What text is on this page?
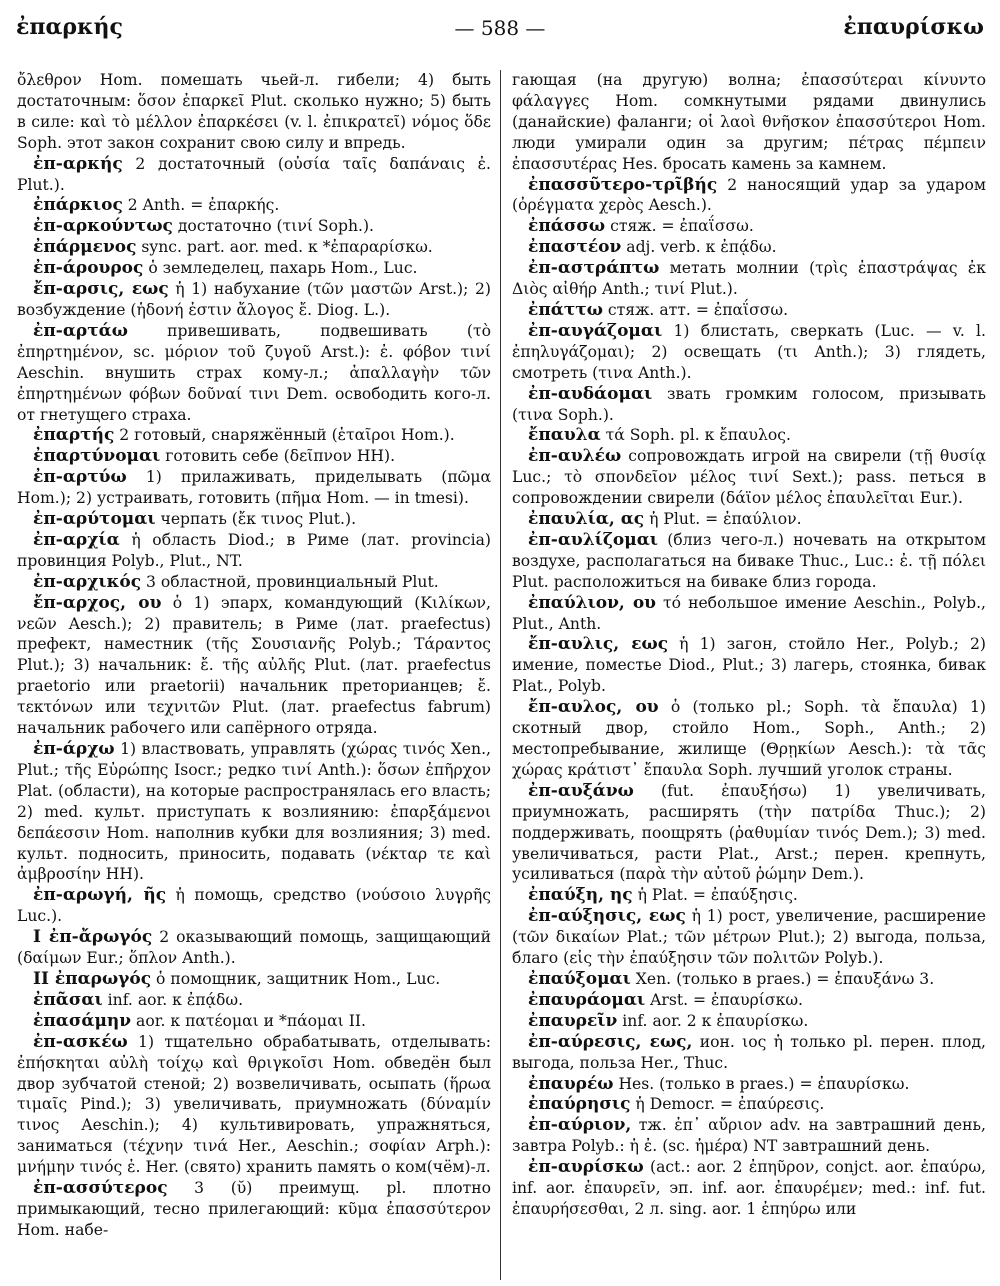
ἐπαρκής	— 588 —	ἐπαυρίσκω

ὄλεθρον Hom. помешать чьей-л. гибели; 4) быть достаточным: ὅσον ἐπαρκεῖ Plut. сколько нужно; 5) быть в силе: καὶ τὸ μέλλον ἐπαρκέσει (v. l. ἐπικρατεῖ) νόμος ὅδε Soph. этот закон сохранит свою силу и впредь.

ἐπ-αρκής 2 достаточный (οὐσία ταῖς δαπάναις ἐ. Plut.).

ἐπάρκιος 2 Anth. = ἐπαρκής.

ἐπ-αρκούντως достаточно (τινί Soph.).

ἐπάρμενος sync. part. aor. med. к *ἐπαραρίσκω.

ἐπ-άρουρος ὁ земледелец, пахарь Hom., Luc.

ἔπ-αρσις, εως ἡ 1) набухание (τῶν μαστῶν Arst.); 2) возбуждение (ἡδονή ἐστιν ἄλογος ἔ. Diog. L.).

ἐπ-αρτάω привешивать, подвешивать (τὸ ἐπηρτημένον, sc. μόριον τοῦ ζυγοῦ Arst.): ἐ. φόβον τινί Aeschin. внушить страх кому-л.; ἀπαλλαγὴν τῶν ἐπηρτημένων φόβων δοῦναί τινι Dem. освободить кого-л. от гнетущего страха.

ἐπαρτής 2 готовый, снаряжённый (ἑταῖροι Hom.).

ἐπαρτύνομαι готовить себе (δεῖπνον HH).

ἐπ-αρτύω 1) прилаживать, приделывать (πῶμα Hom.); 2) устраивать, готовить (πῆμα Hom. — in tmesi).

ἐπ-αρύτομαι черпать (ἔκ τινος Plut.).

ἐπ-αρχία ἡ область Diod.; в Риме (лат. provincia) провинция Polyb., Plut., NT.

ἐπ-αρχικός 3 областной, провинциальный Plut.

ἔπ-αρχος, ου ὁ 1) эпарх, командующий (Κιλίκων, νεῶν Aesch.); 2) правитель; в Риме (лат. praefectus) префект, наместник (τῆς Σουσιανῆς Polyb.; Τάραντος Plut.); 3) начальник: ἔ. τῆς αὐλῆς Plut. (лат. praefectus praetorio или praetorii) начальник преторианцев; ἔ. τεκτόνων или τεχνιτῶν Plut. (лат. praefectus fabrum) начальник рабочего или сапёрного отряда.

ἐπ-άρχω 1) властвовать, управлять (χώρας τινός Xen., Plut.; τῆς Εὐρώπης Isocr.; редко τινί Anth.): ὅσων ἐπῆρχον Plat. (области), на которые распространялась его власть; 2) med. культ. приступать к возлиянию: ἐπαρξάμενοι δεπάεσσιν Hom. наполнив кубки для возлияния; 3) med. культ. подносить, приносить, подавать (νέκταρ τε καὶ ἀμβροσίην HH).

ἐπ-αρωγή, ῆς ἡ помощь, средство (νούσοιο λυγρῆς Luc.).

I ἐπ-ἄρωγός 2 оказывающий помощь, защищающий (δαίμων Eur.; ὅπλον Anth.).

II ἐπαρωγός ὁ помощник, защитник Hom., Luc.

ἐπᾶσαι inf. aor. к ἐπᾴδω.

ἐπασάμην aor. к πατέομαι и *πάομαι II.

ἐπ-ασκέω 1) тщательно обрабатывать, отделывать: ἐπήσκηται αὐλὴ τοίχῳ καὶ θριγκοῖσι Hom. обведён был двор зубчатой стеной; 2) возвеличивать, осыпать (ἥρωα τιμαῖς Pind.); 3) увеличивать, приумножать (δύναμίν τινος Aeschin.); 4) культивировать, упражняться, заниматься (τέχνην τινά Her., Aeschin.; σοφίαν Arph.): μνήμην τινός ἐ. Her. (свято) хранить память о ком(чём)-л.

ἐπ-ασσύτερος 3 (ῠ) преимущ. pl. плотно примыкающий, тесно прилегающий: κῦμα ἐπασσύτερον Hom. набе-

гающая (на другую) волна; ἐπασσύτεραι κίνυντο φάλαγγες Hom. сомкнутыми рядами двинулись (данайские) фаланги; οἱ λαοὶ θνῆσκον ἐπασσύτεροι Hom. люди умирали один за другим; πέτρας πέμπειν ἐπασσυτέρας Hes. бросать камень за камнем.

ἐπασσῦτερο-τρῖβής 2 наносящий удар за ударом (ὀρέγματα χερὸς Aesch.).

ἐπάσσω стяж. = ἐπαΐσσω.

ἐπαστέον adj. verb. к ἐπᾴδω.

ἐπ-αστράπτω метать молнии (τρὶς ἐπαστράψας ἐκ Διὸς αἰθήρ Anth.; τινί Plut.).

ἐπάττω стяж. атт. = ἐπαΐσσω.

ἐπ-αυγάζομαι 1) блистать, сверкать (Luc. — v. l. ἐπηλυγάζομαι); 2) освещать (τι Anth.); 3) глядеть, смотреть (τινα Anth.).

ἐπ-αυδάομαι звать громким голосом, призывать (τινα Soph.).

ἔπαυλα τά Soph. pl. к ἔπαυλος.

ἐπ-αυλέω сопровождать игрой на свирели (τῇ θυσίᾳ Luc.; τὸ σπονδεῖον μέλος τινί Sext.); pass. петься в сопровождении свирели (δάϊον μέλος ἐπαυλεῖται Eur.).

ἐπαυλία, ας ἡ Plut. = ἐπαύλιον.

ἐπ-αυλίζομαι (близ чего-л.) ночевать на открытом воздухе, располагаться на биваке Thuc., Luc.: ἐ. τῇ πόλει Plut. расположиться на биваке близ города.

ἐπαύλιον, ου τό небольшое имение Aeschin., Polyb., Plut., Anth.

ἔπ-αυλις, εως ἡ 1) загон, стойло Her., Polyb.; 2) имение, поместье Diod., Plut.; 3) лагерь, стоянка, бивак Plat., Polyb.

ἔπ-αυλος, ου ὁ (только pl.; Soph. τὰ ἔπαυλα) 1) скотный двор, стойло Hom., Soph., Anth.; 2) местопребывание, жилище (Θρῃκίων Aesch.): τὰ τᾶς χώρας κράτιστ᾽ ἔπαυλα Soph. лучший уголок страны.

ἐπ-αυξάνω (fut. ἐπαυξήσω) 1) увеличивать, приумножать, расширять (τὴν πατρίδα Thuc.); 2) поддерживать, поощрять (ῥαθυμίαν τινός Dem.); 3) med. увеличиваться, расти Plat., Arst.; перен. крепнуть, усиливаться (παρὰ τὴν αὐτοῦ ῥώμην Dem.).

ἐπαύξη, ης ἡ Plat. = ἐπαύξησις.

ἐπ-αύξησις, εως ἡ 1) рост, увеличение, расширение (τῶν δικαίων Plat.; τῶν μέτρων Plut.); 2) выгода, польза, благо (εἰς τὴν ἐπαύξησιν τῶν πολιτῶν Polyb.).

ἐπαύξομαι Xen. (только в praes.) = ἐπαυξάνω 3.

ἐπαυράομαι Arst. = ἐπαυρίσκω.

ἐπαυρεῖν inf. aor. 2 к ἐπαυρίσκω.

ἐπ-αύρεσις, εως, ион. ιος ἡ только pl. перен. плод, выгода, польза Her., Thuc.

ἐπαυρέω Hes. (только в praes.) = ἐπαυρίσκω.

ἐπαύρησις ἡ Democr. = ἐπαύρεσις.

ἐπ-αύριον, тж. ἐπ᾽ αὔριον adv. на завтрашний день, завтра Polyb.: ἡ ἐ. (sc. ἡμέρα) NT завтрашний день.

ἐπ-αυρίσκω (act.: aor. 2 ἐπηῦρον, conjct. aor. ἐπαύρω, inf. aor. ἐπαυρεῖν, эп. inf. aor. ἐπαυρέμεν; med.: inf. fut. ἐπαυρήσεσθαι, 2 л. sing. aor. 1 ἐπηύρω или
